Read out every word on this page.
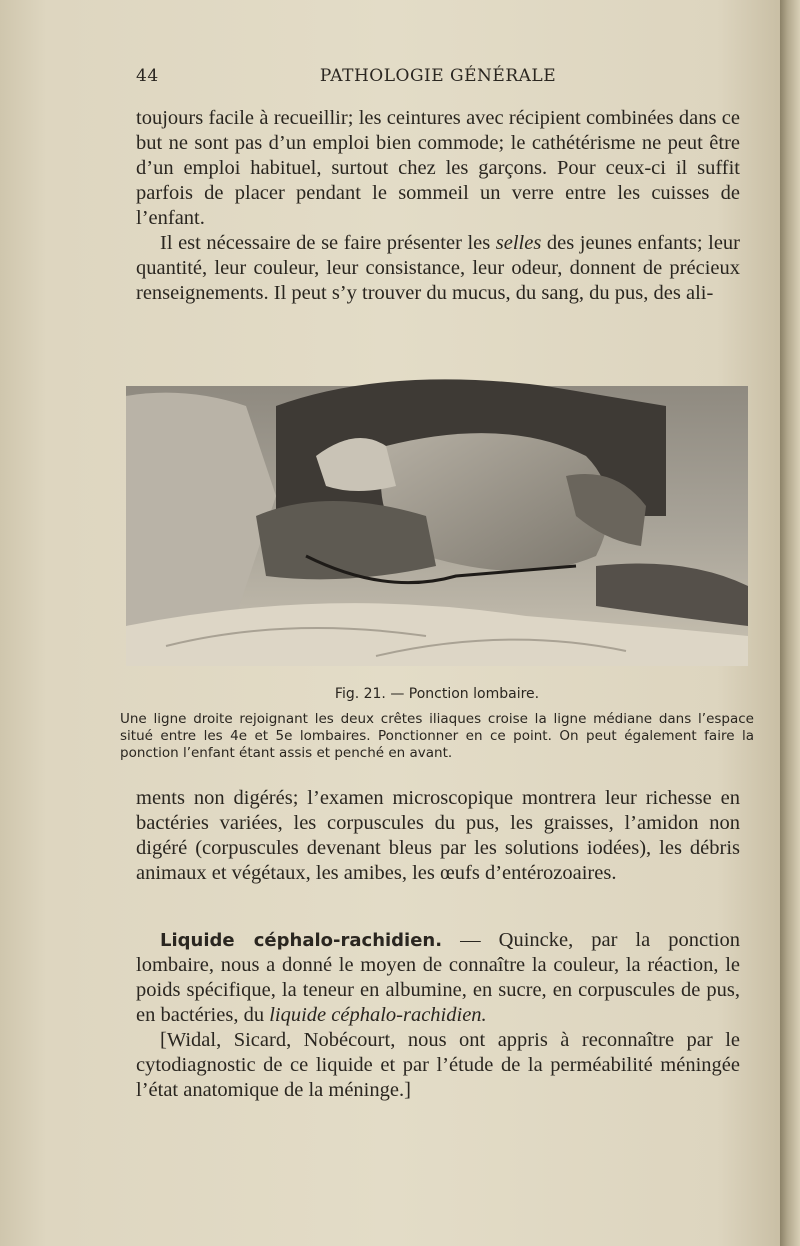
44	PATHOLOGIE GÉNÉRALE

toujours facile à recueillir; les ceintures avec récipient combinées dans ce but ne sont pas d’un emploi bien commode; le cathétérisme ne peut être d’un emploi habituel, surtout chez les garçons. Pour ceux-ci il suffit parfois de placer pendant le sommeil un verre entre les cuisses de l’enfant.

Il est nécessaire de se faire présenter les selles des jeunes enfants; leur quantité, leur couleur, leur consistance, leur odeur, donnent de précieux renseignements. Il peut s’y trouver du mucus, du sang, du pus, des ali-

Fig. 21. — Ponction lombaire.

Une ligne droite rejoignant les deux crêtes iliaques croise la ligne médiane dans l’espace situé entre les 4e et 5e lombaires. Ponctionner en ce point. On peut également faire la ponction l’enfant étant assis et penché en avant.

ments non digérés; l’examen microscopique montrera leur richesse en bactéries variées, les corpuscules du pus, les graisses, l’amidon non digéré (corpuscules devenant bleus par les solutions iodées), les débris animaux et végétaux, les amibes, les œufs d’entérozoaires.

Liquide céphalo-rachidien. — Quincke, par la ponction lombaire, nous a donné le moyen de connaître la couleur, la réaction, le poids spécifique, la teneur en albumine, en sucre, en corpuscules de pus, en bactéries, du liquide céphalo-rachidien.

[Widal, Sicard, Nobécourt, nous ont appris à reconnaître par le cytodiagnostic de ce liquide et par l’étude de la perméabilité méningée l’état anatomique de la méninge.]
